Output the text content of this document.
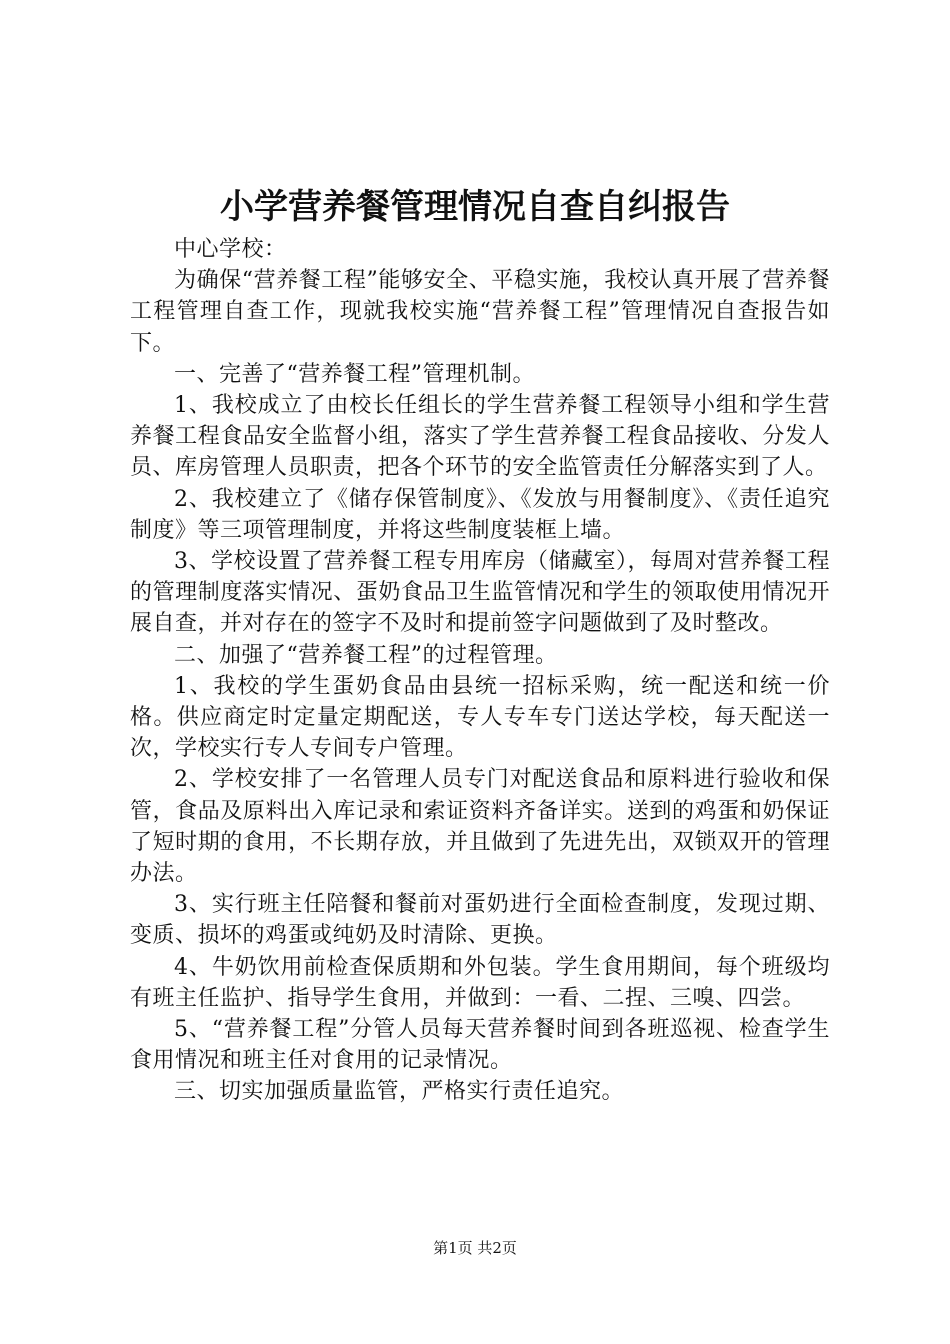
小学营养餐管理情况自查自纠报告

中心学校：

为确保“营养餐工程”能够安全、平稳实施，我校认真开展了营养餐工程管理自查工作，现就我校实施“营养餐工程”管理情况自查报告如下。

一、完善了“营养餐工程”管理机制。

1、我校成立了由校长任组长的学生营养餐工程领导小组和学生营养餐工程食品安全监督小组，落实了学生营养餐工程食品接收、分发人员、库房管理人员职责，把各个环节的安全监管责任分解落实到了人。

2、我校建立了《储存保管制度》、《发放与用餐制度》、《责任追究制度》等三项管理制度，并将这些制度装框上墙。

3、学校设置了营养餐工程专用库房（储藏室），每周对营养餐工程的管理制度落实情况、蛋奶食品卫生监管情况和学生的领取使用情况开展自查，并对存在的签字不及时和提前签字问题做到了及时整改。

二、加强了“营养餐工程”的过程管理。

1、我校的学生蛋奶食品由县统一招标采购，统一配送和统一价格。供应商定时定量定期配送，专人专车专门送达学校，每天配送一次，学校实行专人专间专户管理。

2、学校安排了一名管理人员专门对配送食品和原料进行验收和保管，食品及原料出入库记录和索证资料齐备详实。送到的鸡蛋和奶保证了短时期的食用，不长期存放，并且做到了先进先出，双锁双开的管理办法。

3、实行班主任陪餐和餐前对蛋奶进行全面检查制度，发现过期、变质、损坏的鸡蛋或纯奶及时清除、更换。

4、牛奶饮用前检查保质期和外包装。学生食用期间，每个班级均有班主任监护、指导学生食用，并做到：一看、二捏、三嗅、四尝。

5、“营养餐工程”分管人员每天营养餐时间到各班巡视、检查学生食用情况和班主任对食用的记录情况。

三、切实加强质量监管，严格实行责任追究。

第1页 共2页
